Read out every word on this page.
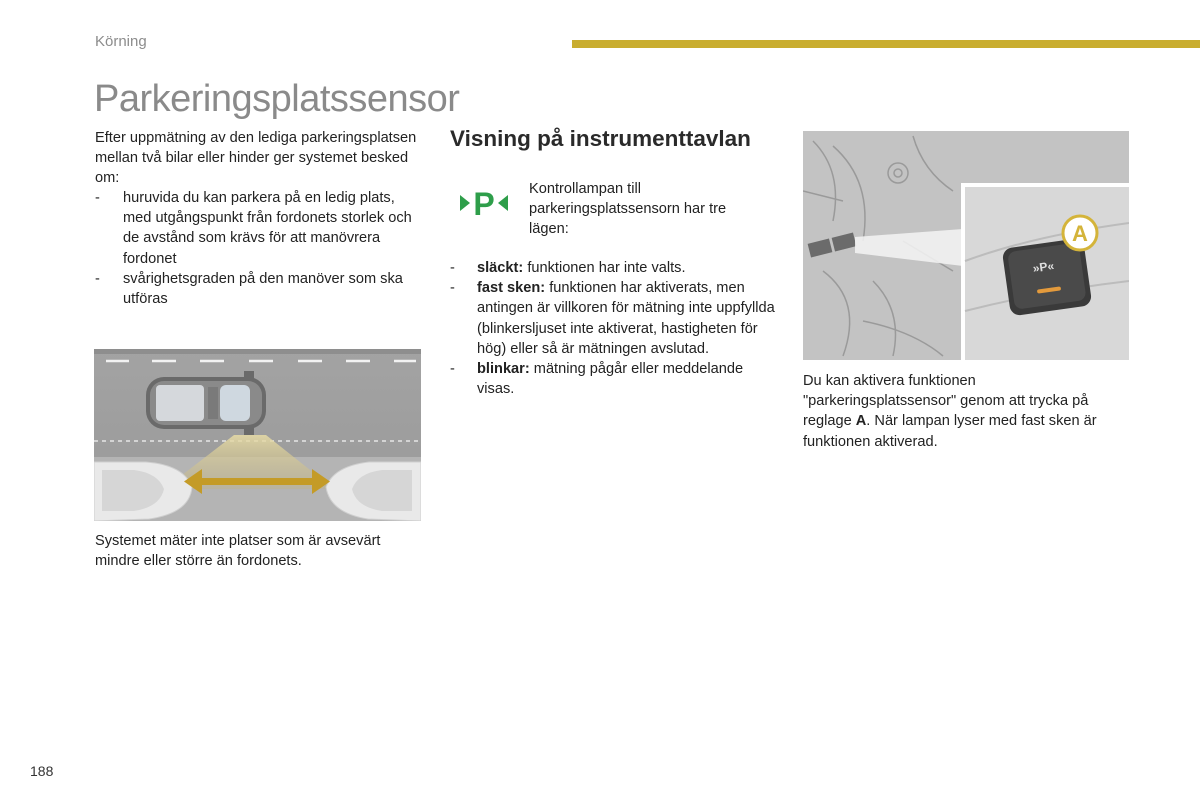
Körning
Parkeringsplatssensor

Efter uppmätning av den lediga parkeringsplatsen mellan två bilar eller hinder ger systemet besked om:

- huruvida du kan parkera på en ledig plats, med utgångspunkt från fordonets storlek och de avstånd som krävs för att manövrera fordonet
- svårighetsgraden på den manöver som ska utföras

Systemet mäter inte platser som är avsevärt mindre eller större än fordonets.

Visning på instrumenttavlan
P Kontrollampan till parkeringsplatssensorn har tre lägen:

- släckt: funktionen har inte valts.
- fast sken: funktionen har aktiverats, men antingen är villkoren för mätning inte uppfyllda (blinkersljuset inte aktiverat, hastigheten för hög) eller så är mätningen avslutad.
- blinkar: mätning pågår eller meddelande visas.
»P«
A

Du kan aktivera funktionen "parkeringsplatssensor" genom att trycka på reglage A. När lampan lyser med fast sken är funktionen aktiverad.

188
